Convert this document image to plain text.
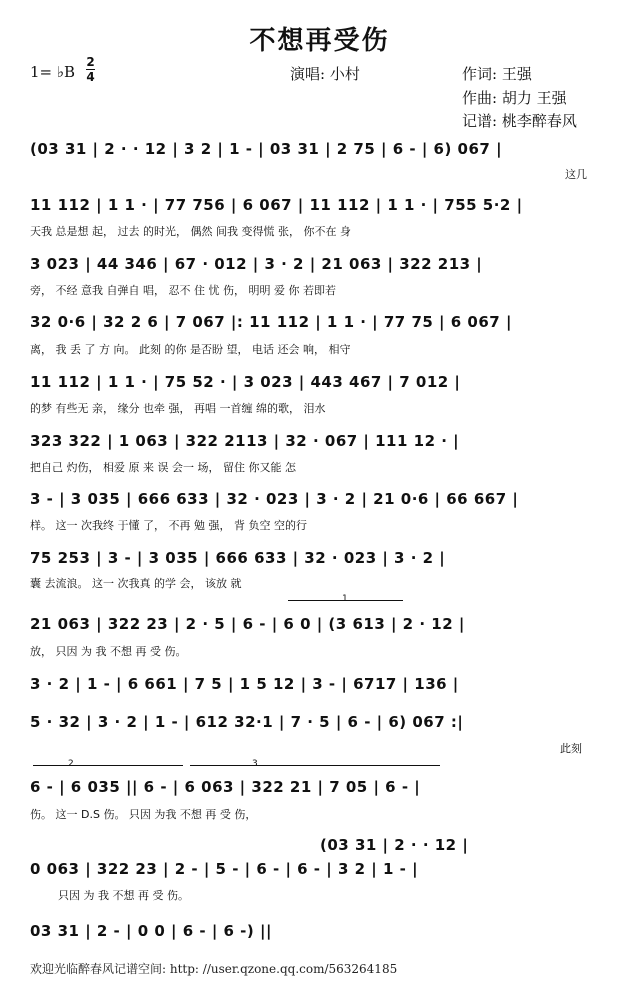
不想再受伤
1= ♭B
2
4	演唱: 小村	作词: 王强
作曲: 胡力 王强
记谱: 桃李醉春风
(03 31 | 2 · · 12 | 3 2 | 1 - | 03 31 | 2 75 | 6 - | 6) 067 |
这几
11 112 | 1 1 · | 77 756 | 6 067 | 11 112 | 1 1 · | 755 5·2 |
天我 总是想 起， 过去 的时光， 偶然 间我 变得慌 张， 你不在 身
3 023 | 44 346 | 67 · 012 | 3 · 2 | 21 063 | 322 213 |
旁， 不经 意我 自弹自 唱， 忍不 住 忧 伤， 明明 爱 你 若即若
32 0·6 | 32 2 6 | 7 067 |: 11 112 | 1 1 · | 77 75 | 6 067 |
离， 我 丢 了 方 向。 此刻 的你 是否盼 望， 电话 还会 响， 相守
11 112 | 1 1 · | 75 52 · | 3 023 | 443 467 | 7 012 |
的梦 有些无 亲， 缘分 也牵 强， 再唱 一首缠 绵的歌， 泪水
323 322 | 1 063 | 322 2113 | 32 · 067 | 111 12 · |
把自己 灼伤， 相爱 原 来 误 会一 场， 留住 你又能 怎
3 - | 3 035 | 666 633 | 32 · 023 | 3 · 2 | 21 0·6 | 66 667 |
样。 这一 次我终 于懂 了， 不再 勉 强， 背 负空 空的行
75 253 | 3 - | 3 035 | 666 633 | 32 · 023 | 3 · 2 |
囊 去流浪。 这一 次我真 的学 会， 该放 就
1
21 063 | 322 23 | 2 · 5 | 6 - | 6 0 | (3 613 | 2 · 12 |
放， 只因 为 我 不想 再 受 伤。
3 · 2 | 1 - | 6 661 | 7 5 | 1 5 12 | 3 - | 6717 | 136 |
5 · 32 | 3 · 2 | 1 - | 612 32·1 | 7 · 5 | 6 - | 6) 067 :|
此刻
2	3
6 - | 6 035 || 6 - | 6 063 | 322 21 | 7 05 | 6 - |
伤。 这一 D.S 伤。 只因 为我 不想 再 受 伤，
(03 31 | 2 · · 12 |
0 063 | 322 23 | 2 - | 5 - | 6 - | 6 - | 3 2 | 1 - |
只因 为 我 不想 再 受 伤。
03 31 | 2 - | 0 0 | 6 - | 6 -) ||
欢迎光临醉春风记谱空间: http: //user.qzone.qq.com/563264185
